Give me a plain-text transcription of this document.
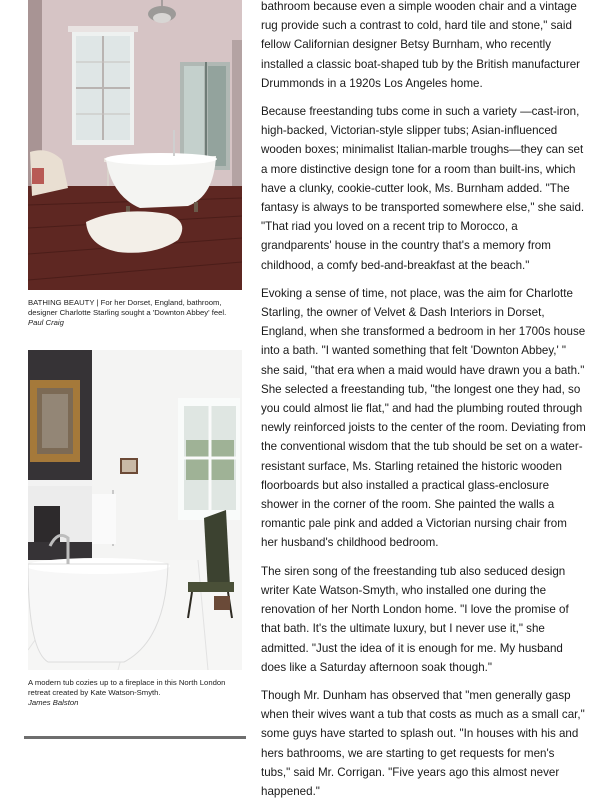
BATHING BEAUTY | For her Dorset, England, bathroom, designer Charlotte Starling sought a 'Downton Abbey' feel. Paul Craig
A modern tub cozies up to a fireplace in this North London retreat created by Kate Watson-Smyth.
James Balston

bathroom because even a simple wooden chair and a vintage rug provide such a contrast to cold, hard tile and stone," said fellow Californian designer Betsy Burnham, who recently installed a classic boat-shaped tub by the British manufacturer Drummonds in a 1920s Los Angeles home.

Because freestanding tubs come in such a variety —cast-iron, high-backed, Victorian-style slipper tubs; Asian-influenced wooden boxes; minimalist Italian-marble troughs—they can set a more distinctive design tone for a room than built-ins, which have a clunky, cookie-cutter look, Ms. Burnham added. "The fantasy is always to be transported somewhere else," she said. "That riad you loved on a recent trip to Morocco, a grandparents' house in the country that's a memory from childhood, a comfy bed-and-breakfast at the beach."

Evoking a sense of time, not place, was the aim for Charlotte Starling, the owner of Velvet & Dash Interiors in Dorset, England, when she transformed a bedroom in her 1700s house into a bath. "I wanted something that felt 'Downton Abbey,' " she said, "that era when a maid would have drawn you a bath." She selected a freestanding tub, "the longest one they had, so you could almost lie flat," and had the plumbing routed through newly reinforced joists to the center of the room. Deviating from the conventional wisdom that the tub should be set on a water-resistant surface, Ms. Starling retained the historic wooden floorboards but also installed a practical glass-enclosure shower in the corner of the room. She painted the walls a romantic pale pink and added a Victorian nursing chair from her husband's childhood bedroom.

The siren song of the freestanding tub also seduced design writer Kate Watson-Smyth, who installed one during the renovation of her North London home. "I love the promise of that bath. It's the ultimate luxury, but I never use it," she admitted. "Just the idea of it is enough for me. My husband does like a Saturday afternoon soak though."

Though Mr. Dunham has observed that "men generally gasp when their wives want a tub that costs as much as a small car," some guys have started to splash out. "In houses with his and hers bathrooms, we are starting to get requests for men's tubs," said Mr. Corrigan. "Five years ago this almost never happened."
